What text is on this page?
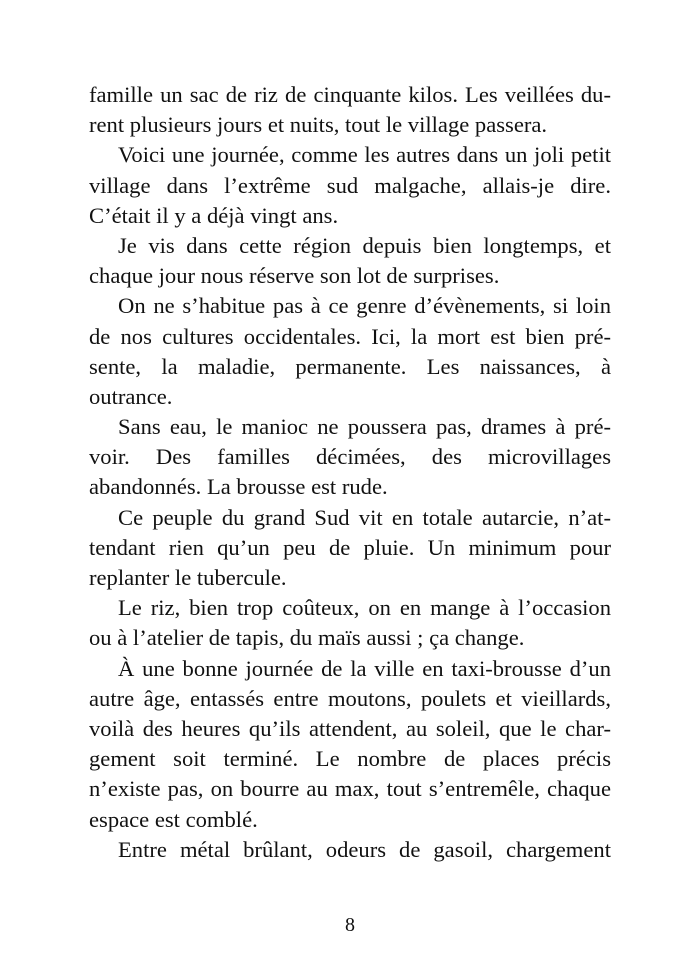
famille un sac de riz de cinquante kilos. Les veillées du-
rent plusieurs jours et nuits, tout le village passera.
Voici une journée, comme les autres dans un joli petit
village dans l’extrême sud malgache, allais-je dire.
C’était il y a déjà vingt ans.
Je vis dans cette région depuis bien longtemps, et
chaque jour nous réserve son lot de surprises.
On ne s’habitue pas à ce genre d’évènements, si loin
de nos cultures occidentales. Ici, la mort est bien pré-
sente, la maladie, permanente. Les naissances, à
outrance.
Sans eau, le manioc ne poussera pas, drames à pré-
voir. Des familles décimées, des microvillages
abandonnés. La brousse est rude.
Ce peuple du grand Sud vit en totale autarcie, n’at-
tendant rien qu’un peu de pluie. Un minimum pour
replanter le tubercule.
Le riz, bien trop coûteux, on en mange à l’occasion
ou à l’atelier de tapis, du maïs aussi ; ça change.
À une bonne journée de la ville en taxi-brousse d’un
autre âge, entassés entre moutons, poulets et vieillards,
voilà des heures qu’ils attendent, au soleil, que le char-
gement soit terminé. Le nombre de places précis
n’existe pas, on bourre au max, tout s’entremêle, chaque
espace est comblé.
Entre métal brûlant, odeurs de gasoil, chargement
8
